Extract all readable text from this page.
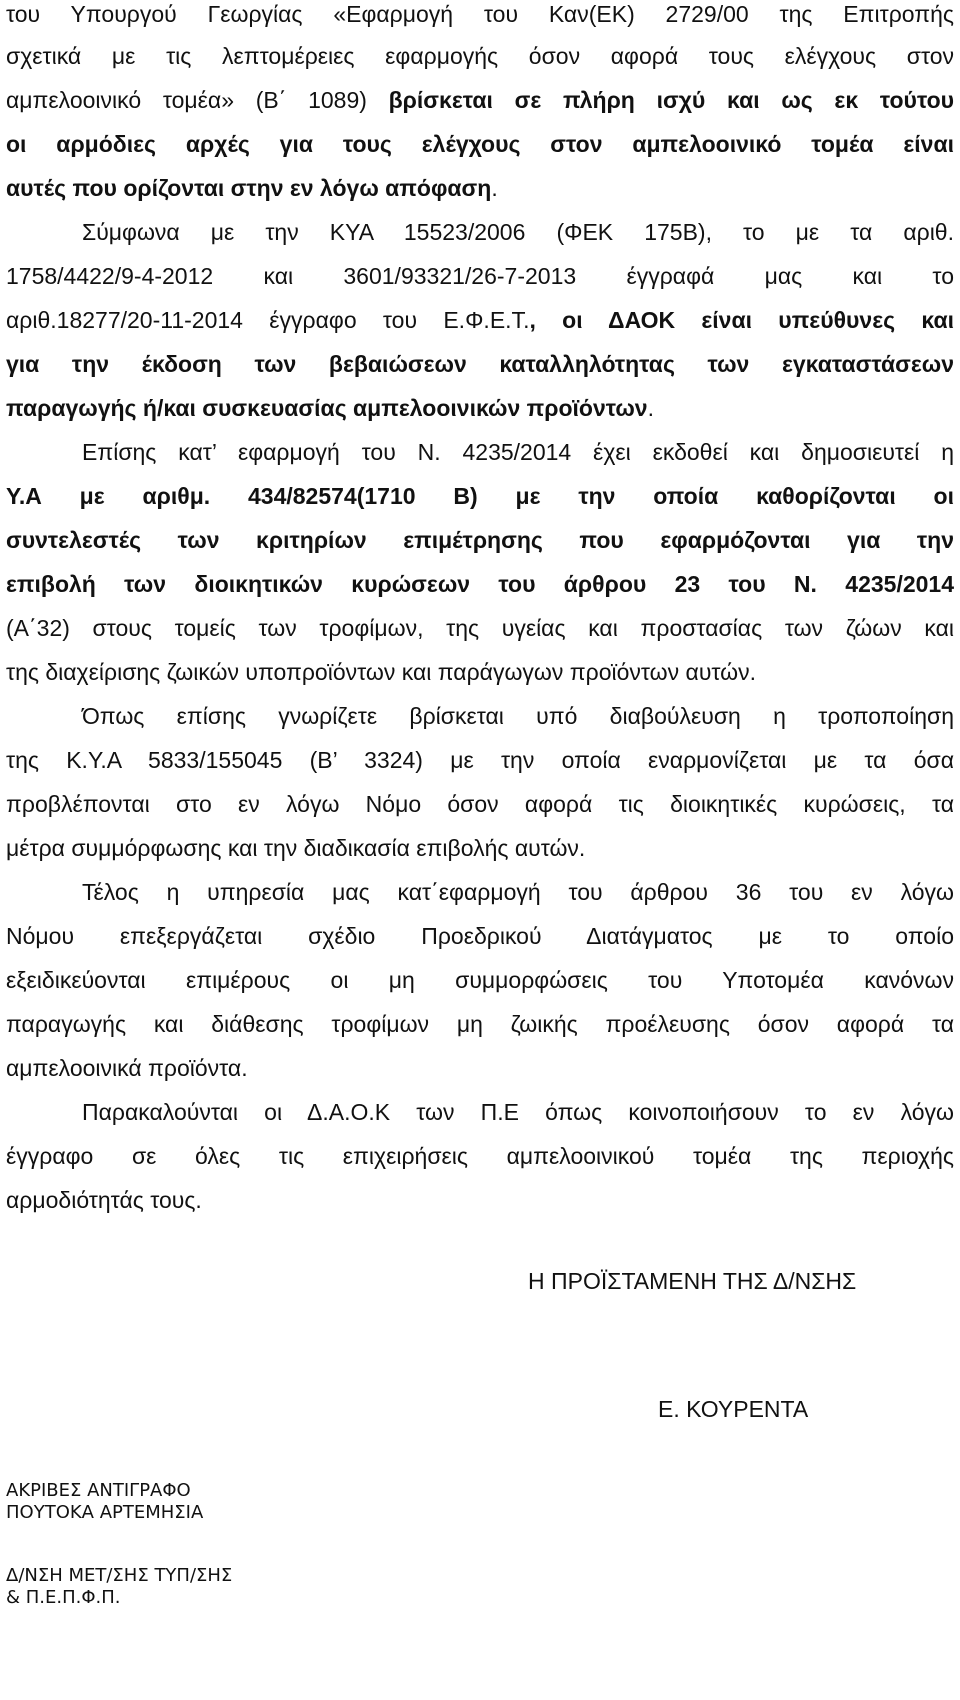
του Υπουργού Γεωργίας «Εφαρμογή του Καν(ΕΚ) 2729/00 της Επιτροπής
σχετικά με τις λεπτομέρειες εφαρμογής όσον αφορά τους ελέγχους στον
αμπελοοινικό τομέα» (Β΄ 1089) βρίσκεται σε πλήρη ισχύ και ως εκ τούτου
οι αρμόδιες αρχές για τους ελέγχους στον αμπελοοινικό τομέα είναι
αυτές που ορίζονται στην εν λόγω απόφαση.
Σύμφωνα με την ΚΥΑ 15523/2006 (ΦΕΚ 175Β), το με τα αριθ.
1758/4422/9-4-2012 και 3601/93321/26-7-2013 έγγραφά μας και το
αριθ.18277/20-11-2014 έγγραφο του Ε.Φ.Ε.Τ., οι ΔΑΟΚ είναι υπεύθυνες και
για την έκδοση των βεβαιώσεων καταλληλότητας των εγκαταστάσεων
παραγωγής ή/και συσκευασίας αμπελοοινικών προϊόντων.
Επίσης κατ’ εφαρμογή του Ν. 4235/2014 έχει εκδοθεί και δημοσιευτεί η
Υ.Α με αριθμ. 434/82574(1710 Β) με την οποία καθορίζονται οι
συντελεστές των κριτηρίων επιμέτρησης που εφαρμόζονται για την
επιβολή των διοικητικών κυρώσεων του άρθρου 23 του Ν. 4235/2014
(Α΄32) στους τομείς των τροφίμων, της υγείας και προστασίας των ζώων και
της διαχείρισης ζωικών υποπροϊόντων και παράγωγων προϊόντων αυτών.
Όπως επίσης γνωρίζετε βρίσκεται υπό διαβούλευση η τροποποίηση
της Κ.Υ.Α 5833/155045 (Β’ 3324) με την οποία εναρμονίζεται με τα όσα
προβλέπονται στο εν λόγω Νόμο όσον αφορά τις διοικητικές κυρώσεις, τα
μέτρα συμμόρφωσης και την διαδικασία επιβολής αυτών.
Τέλος η υπηρεσία μας κατ΄εφαρμογή του άρθρου 36 του εν λόγω
Νόμου επεξεργάζεται σχέδιο Προεδρικού Διατάγματος με το οποίο
εξειδικεύονται επιμέρους οι μη συμμορφώσεις του Υποτομέα κανόνων
παραγωγής και διάθεσης τροφίμων μη ζωικής προέλευσης όσον αφορά τα
αμπελοοινικά προϊόντα.
Παρακαλούνται οι Δ.Α.Ο.Κ των Π.Ε όπως κοινοποιήσουν το εν λόγω
έγγραφο σε όλες τις επιχειρήσεις αμπελοοινικού τομέα της περιοχής
αρμοδιότητάς τους.
Η ΠΡΟΪΣΤΑΜΕΝΗ ΤΗΣ Δ/ΝΣΗΣ
Ε. ΚΟΥΡΕΝΤΑ
ΑΚΡΙΒΕΣ ΑΝΤΙΓΡΑΦΟ
ΠΟΥΤΟΚΑ ΑΡΤΕΜΗΣΙΑ
Δ/ΝΣΗ ΜΕΤ/ΣΗΣ ΤΥΠ/ΣΗΣ
& Π.Ε.Π.Φ.Π.
